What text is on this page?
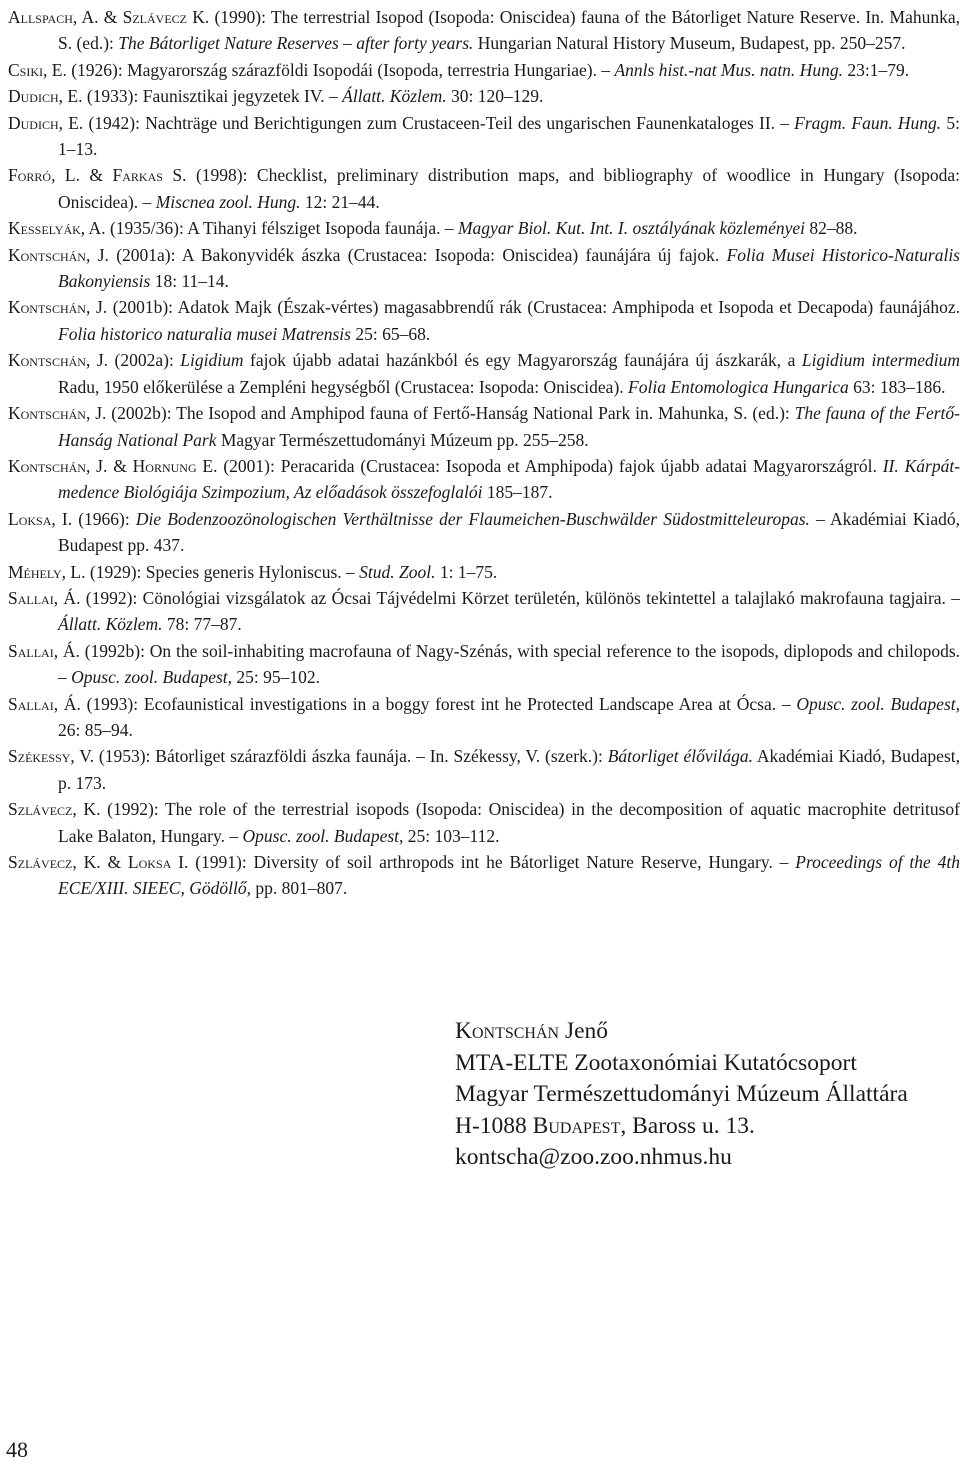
Allspach, A. & Szlávecz K. (1990): The terrestrial Isopod (Isopoda: Oniscidea) fauna of the Bátorliget Nature Reserve. In. Mahunka, S. (ed.): The Bátorliget Nature Reserves – after forty years. Hungarian Natural History Museum, Budapest, pp. 250–257.
Csiki, E. (1926): Magyarország szárazföldi Isopodái (Isopoda, terrestria Hungariae). – Annls hist.-nat Mus. natn. Hung. 23:1–79.
Dudich, E. (1933): Faunisztikai jegyzetek IV. – Állatt. Közlem. 30: 120–129.
Dudich, E. (1942): Nachträge und Berichtigungen zum Crustaceen-Teil des ungarischen Faunenkataloges II. – Fragm. Faun. Hung. 5: 1–13.
Forró, L. & Farkas S. (1998): Checklist, preliminary distribution maps, and bibliography of woodlice in Hungary (Isopoda: Oniscidea). – Miscnea zool. Hung. 12: 21–44.
Kesselyák, A. (1935/36): A Tihanyi félsziget Isopoda faunája. – Magyar Biol. Kut. Int. I. osztályának közleményei 82–88.
Kontschán, J. (2001a): A Bakonyvidék ászka (Crustacea: Isopoda: Oniscidea) faunájára új fajok. Folia Musei Historico-Naturalis Bakonyiensis 18: 11–14.
Kontschán, J. (2001b): Adatok Majk (Észak-vértes) magasabbrendű rák (Crustacea: Amphipoda et Isopoda et Decapoda) faunájához. Folia historico naturalia musei Matrensis 25: 65–68.
Kontschán, J. (2002a): Ligidium fajok újabb adatai hazánkból és egy Magyarország faunájára új ászkarák, a Ligidium intermedium Radu, 1950 előkerülése a Zempléni hegységből (Crustacea: Isopoda: Oniscidea). Folia Entomologica Hungarica 63: 183–186.
Kontschán, J. (2002b): The Isopod and Amphipod fauna of Fertő-Hanság National Park in. Mahunka, S. (ed.): The fauna of the Fertő-Hanság National Park Magyar Természettudományi Múzeum pp. 255–258.
Kontschán, J. & Hornung E. (2001): Peracarida (Crustacea: Isopoda et Amphipoda) fajok újabb adatai Magyarországról. II. Kárpát-medence Biológiája Szimpozium, Az előadások összefoglalói 185–187.
Loksa, I. (1966): Die Bodenzoozönologischen Verthältnisse der Flaumeichen-Buschwälder Südostmitteleuropas. – Akadémiai Kiadó, Budapest pp. 437.
Méhely, L. (1929): Species generis Hyloniscus. – Stud. Zool. 1: 1–75.
Sallai, Á. (1992): Cönológiai vizsgálatok az Ócsai Tájvédelmi Körzet területén, különös tekintettel a talajlakó makrofauna tagjaira. – Állatt. Közlem. 78: 77–87.
Sallai, Á. (1992b): On the soil-inhabiting macrofauna of Nagy-Szénás, with special reference to the isopods, diplopods and chilopods. – Opusc. zool. Budapest, 25: 95–102.
Sallai, Á. (1993): Ecofaunistical investigations in a boggy forest int he Protected Landscape Area at Ócsa. – Opusc. zool. Budapest, 26: 85–94.
Székessy, V. (1953): Bátorliget szárazföldi ászka faunája. – In. Székessy, V. (szerk.): Bátorliget élővilága. Akadémiai Kiadó, Budapest, p. 173.
Szlávecz, K. (1992): The role of the terrestrial isopods (Isopoda: Oniscidea) in the decomposition of aquatic macrophite detritusof Lake Balaton, Hungary. – Opusc. zool. Budapest, 25: 103–112.
Szlávecz, K. & Loksa I. (1991): Diversity of soil arthropods int he Bátorliget Nature Reserve, Hungary. – Proceedings of the 4th ECE/XIII. SIEEC, Gödöllő, pp. 801–807.
Kontschán Jenő
MTA-ELTE Zootaxonómiai Kutatócsoport
Magyar Természettudományi Múzeum Állattára
H-1088 Budapest, Baross u. 13.
kontscha@zoo.zoo.nhmus.hu
48
